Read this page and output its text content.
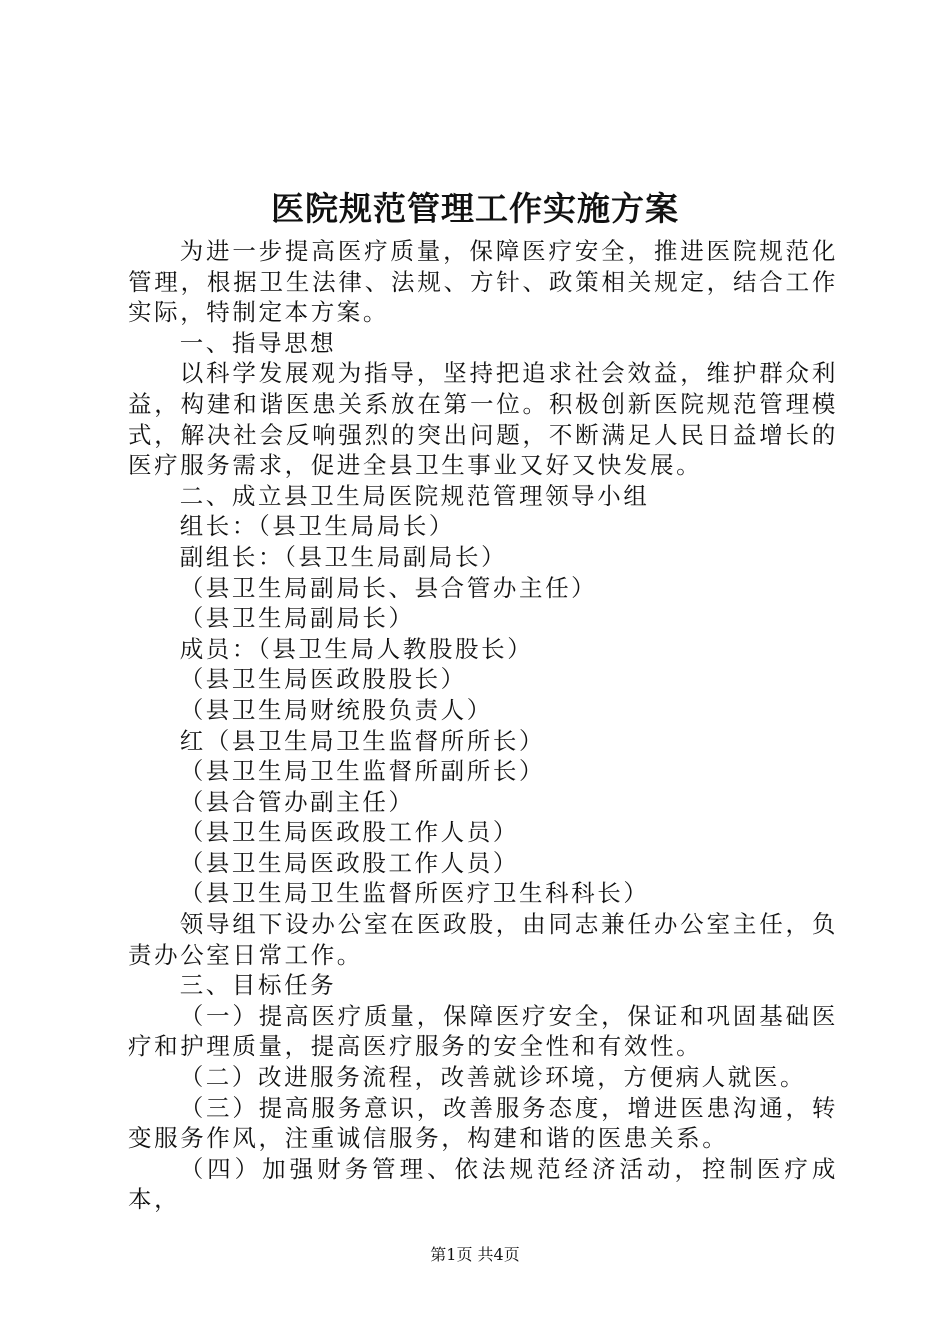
医院规范管理工作实施方案

为进一步提高医疗质量，保障医疗安全，推进医院规范化管理，根据卫生法律、法规、方针、政策相关规定，结合工作实际，特制定本方案。

一、指导思想

以科学发展观为指导，坚持把追求社会效益，维护群众利益，构建和谐医患关系放在第一位。积极创新医院规范管理模式，解决社会反响强烈的突出问题，不断满足人民日益增长的医疗服务需求，促进全县卫生事业又好又快发展。

二、成立县卫生局医院规范管理领导小组

组长：（县卫生局局长）

副组长：（县卫生局副局长）

（县卫生局副局长、县合管办主任）

（县卫生局副局长）

成员：（县卫生局人教股股长）

（县卫生局医政股股长）

（县卫生局财统股负责人）

红（县卫生局卫生监督所所长）

（县卫生局卫生监督所副所长）

（县合管办副主任）

（县卫生局医政股工作人员）

（县卫生局医政股工作人员）

（县卫生局卫生监督所医疗卫生科科长）

领导组下设办公室在医政股，由同志兼任办公室主任，负责办公室日常工作。

三、目标任务

（一）提高医疗质量，保障医疗安全，保证和巩固基础医疗和护理质量，提高医疗服务的安全性和有效性。

（二）改进服务流程，改善就诊环境，方便病人就医。

（三）提高服务意识，改善服务态度，增进医患沟通，转变服务作风，注重诚信服务，构建和谐的医患关系。

（四）加强财务管理、依法规范经济活动，控制医疗成本，

第1页 共4页
